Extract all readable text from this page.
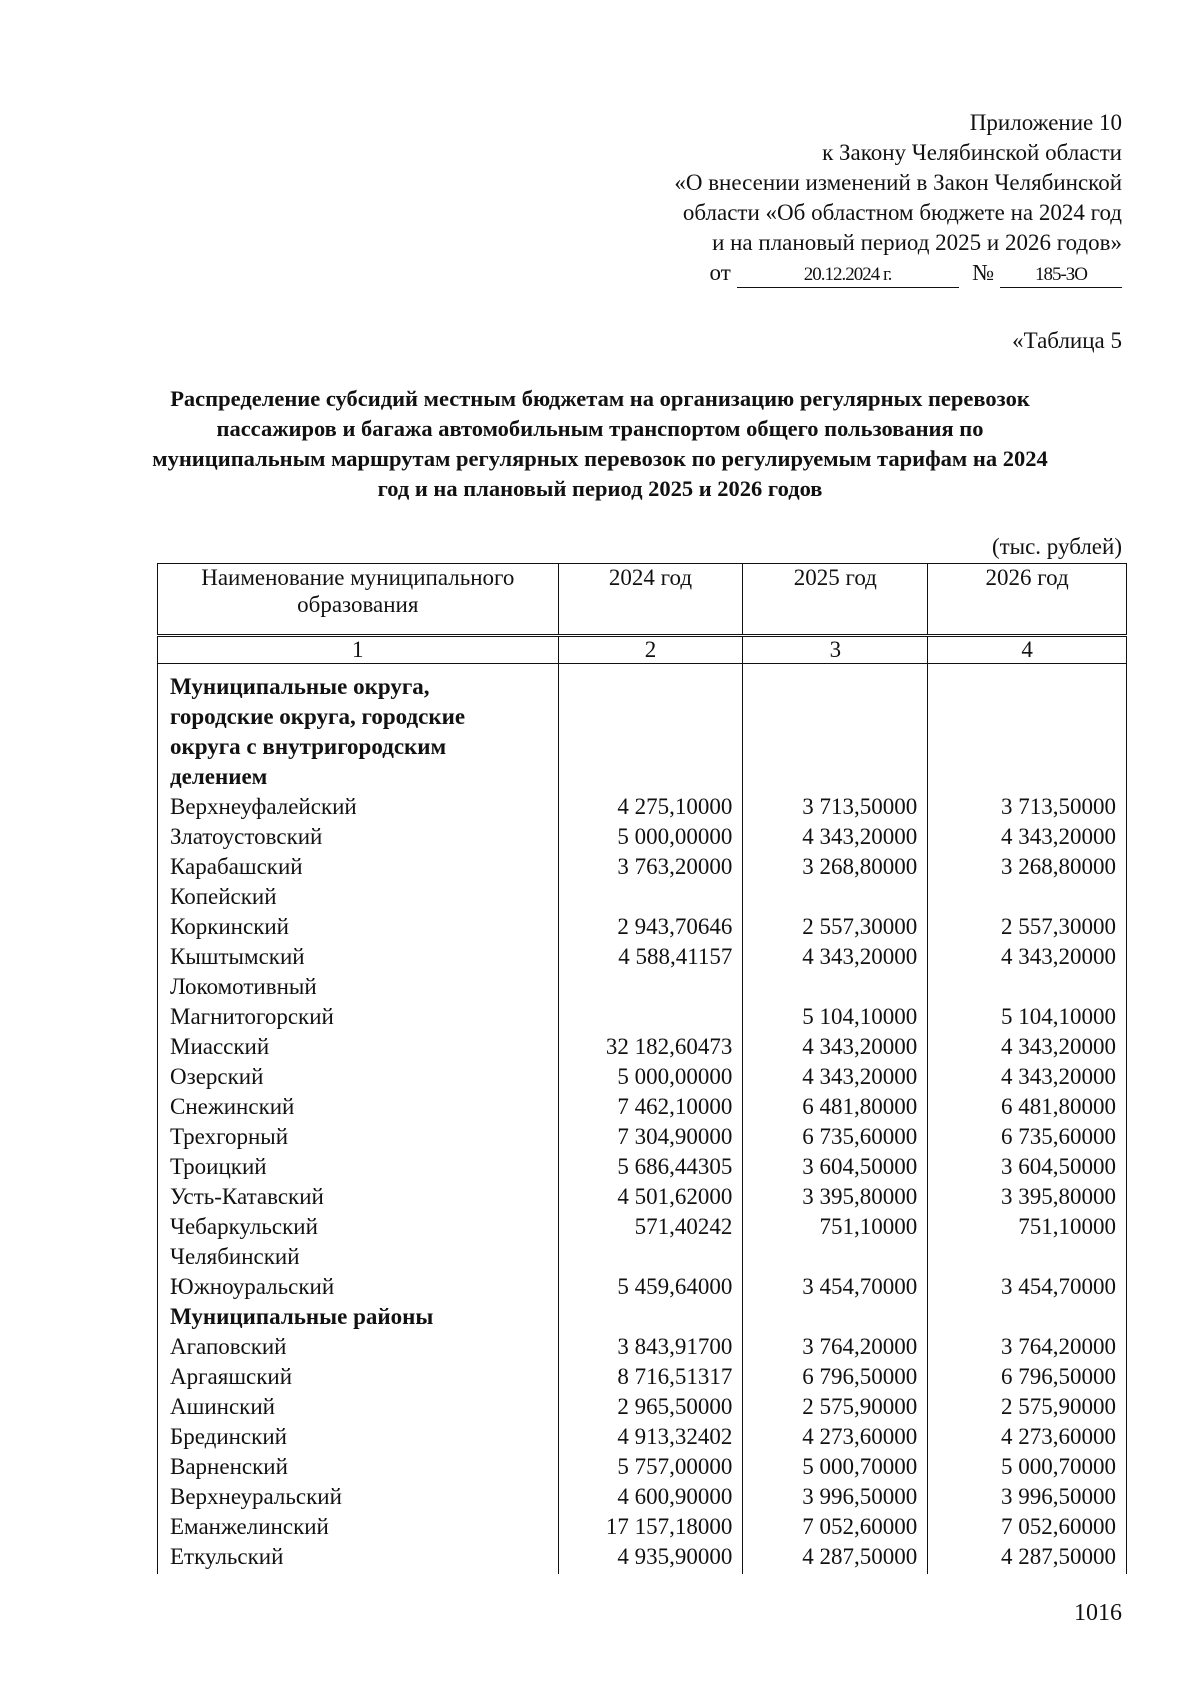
Приложение 10
к Закону Челябинской области
«О внесении изменений в Закон Челябинской
области «Об областном бюджете на 2024 год
и на плановый период 2025 и 2026 годов»
от	20.12.2024 г.	№ 185-ЗО
«Таблица 5
Распределение субсидий местным бюджетам на организацию регулярных перевозок пассажиров и багажа автомобильным транспортом общего пользования по муниципальным маршрутам регулярных перевозок по регулируемым тарифам на 2024 год и на плановый период 2025 и 2026 годов
(тыс. рублей)
Наименование муниципального образования	2024 год	2025 год	2026 год
1	2	3	4
Муниципальные округа, городские округа, городские округа с внутригородским делением			
Верхнеуфалейский	4 275,10000	3 713,50000	3 713,50000
Златоустовский	5 000,00000	4 343,20000	4 343,20000
Карабашский	3 763,20000	3 268,80000	3 268,80000
Копейский			
Коркинский	2 943,70646	2 557,30000	2 557,30000
Кыштымский	4 588,41157	4 343,20000	4 343,20000
Локомотивный			
Магнитогорский		5 104,10000	5 104,10000
Миасский	32 182,60473	4 343,20000	4 343,20000
Озерский	5 000,00000	4 343,20000	4 343,20000
Снежинский	7 462,10000	6 481,80000	6 481,80000
Трехгорный	7 304,90000	6 735,60000	6 735,60000
Троицкий	5 686,44305	3 604,50000	3 604,50000
Усть-Катавский	4 501,62000	3 395,80000	3 395,80000
Чебаркульский	571,40242	751,10000	751,10000
Челябинский			
Южноуральский	5 459,64000	3 454,70000	3 454,70000
Муниципальные районы			
Агаповский	3 843,91700	3 764,20000	3 764,20000
Аргаяшский	8 716,51317	6 796,50000	6 796,50000
Ашинский	2 965,50000	2 575,90000	2 575,90000
Брединский	4 913,32402	4 273,60000	4 273,60000
Варненский	5 757,00000	5 000,70000	5 000,70000
Верхнеуральский	4 600,90000	3 996,50000	3 996,50000
Еманжелинский	17 157,18000	7 052,60000	7 052,60000
Еткульский	4 935,90000	4 287,50000	4 287,50000
1016
